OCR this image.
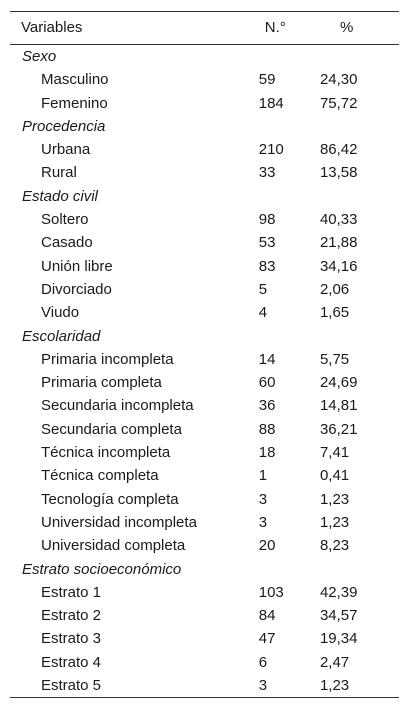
Variables	N.°	%
Sexo		
Masculino	59	24,30
Femenino	184	75,72
Procedencia		
Urbana	210	86,42
Rural	33	13,58
Estado civil		
Soltero	98	40,33
Casado	53	21,88
Unión libre	83	34,16
Divorciado	5	2,06
Viudo	4	1,65
Escolaridad		
Primaria incompleta	14	5,75
Primaria completa	60	24,69
Secundaria incompleta	36	14,81
Secundaria completa	88	36,21
Técnica incompleta	18	7,41
Técnica completa	1	0,41
Tecnología completa	3	1,23
Universidad incompleta	3	1,23
Universidad completa	20	8,23
Estrato socioeconómico		
Estrato 1	103	42,39
Estrato 2	84	34,57
Estrato 3	47	19,34
Estrato 4	6	2,47
Estrato 5	3	1,23
